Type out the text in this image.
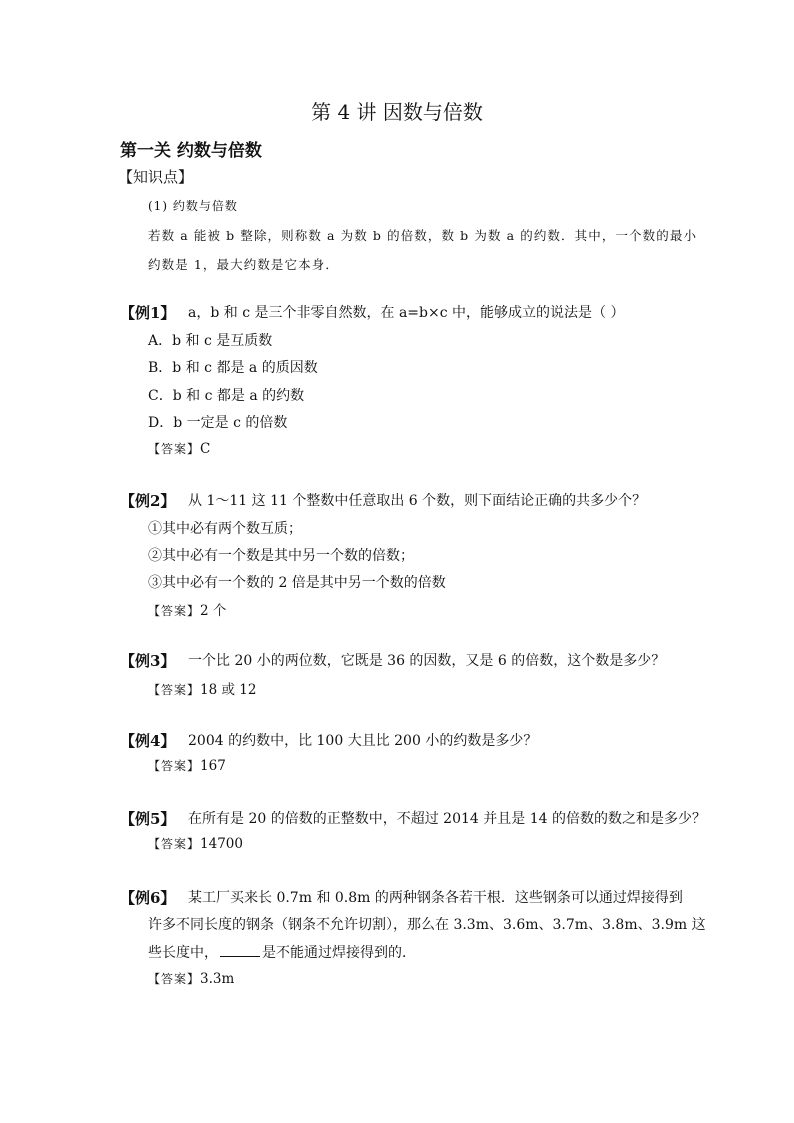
第 4 讲 因数与倍数
第一关 约数与倍数
【知识点】
(1) 约数与倍数
若数 a 能被 b 整除，则称数 a 为数 b 的倍数，数 b 为数 a 的约数．其中，一个数的最小
约数是 1，最大约数是它本身．
【例1】 a，b 和 c 是三个非零自然数，在 a=b×c 中，能够成立的说法是（ ）
A．b 和 c 是互质数
B．b 和 c 都是 a 的质因数
C．b 和 c 都是 a 的约数
D．b 一定是 c 的倍数
【答案】C
【例2】 从 1～11 这 11 个整数中任意取出 6 个数，则下面结论正确的共多少个？
①其中必有两个数互质；
②其中必有一个数是其中另一个数的倍数；
③其中必有一个数的 2 倍是其中另一个数的倍数
【答案】2 个
【例3】 一个比 20 小的两位数，它既是 36 的因数，又是 6 的倍数，这个数是多少？
【答案】18 或 12
【例4】 2004 的约数中，比 100 大且比 200 小的约数是多少？
【答案】167
【例5】 在所有是 20 的倍数的正整数中，不超过 2014 并且是 14 的倍数的数之和是多少？
【答案】14700
【例6】 某工厂买来长 0.7m 和 0.8m 的两种钢条各若干根．这些钢条可以通过焊接得到
许多不同长度的钢条（钢条不允许切割），那么在 3.3m、3.6m、3.7m、3.8m、3.9m 这
些长度中，	是不能通过焊接得到的．
【答案】3.3m
